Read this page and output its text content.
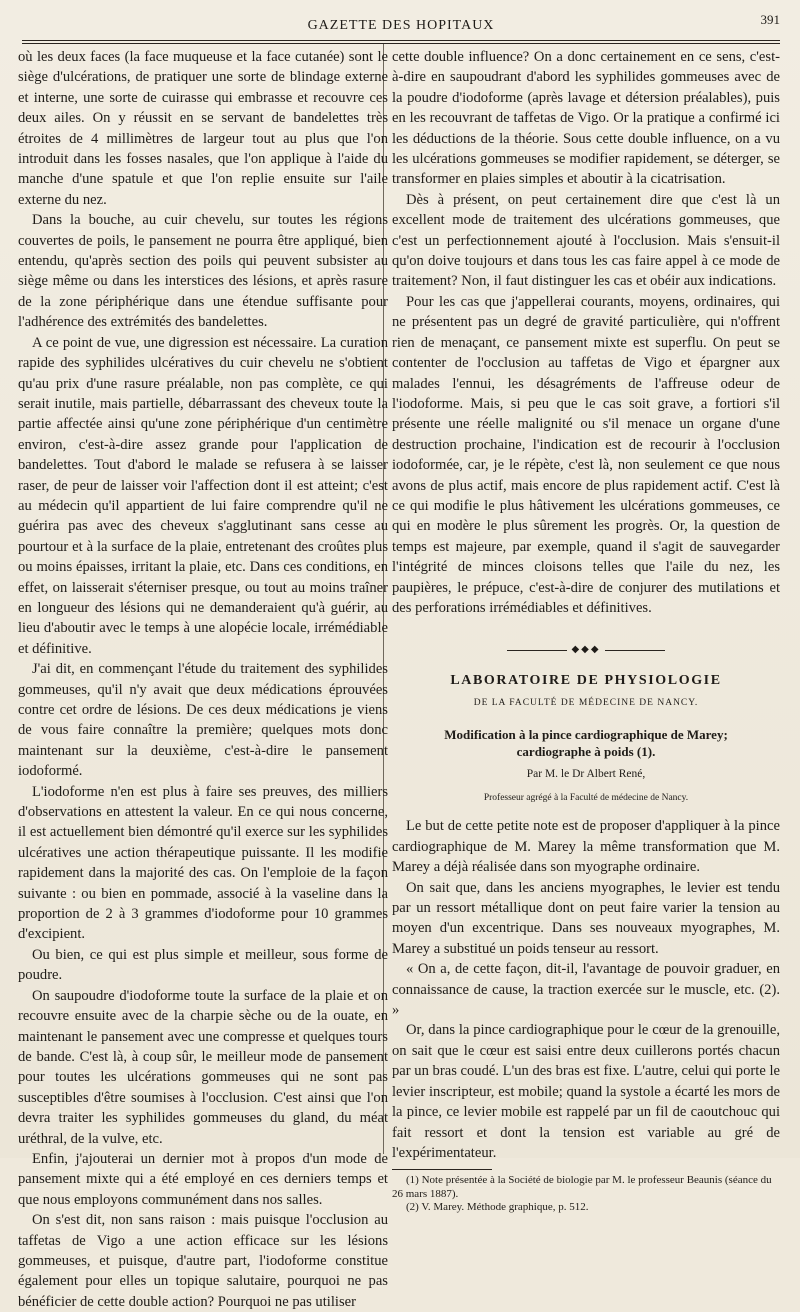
GAZETTE DES HOPITAUX	391

où les deux faces (la face muqueuse et la face cutanée) sont le siège d'ulcérations, de pratiquer une sorte de blindage externe et interne, une sorte de cuirasse qui embrasse et recouvre ces deux ailes. On y réussit en se servant de bandelettes très étroites de 4 millimètres de largeur tout au plus que l'on introduit dans les fosses nasales, que l'on applique à l'aide du manche d'une spatule et que l'on replie ensuite sur l'aile externe du nez.

Dans la bouche, au cuir chevelu, sur toutes les régions couvertes de poils, le pansement ne pourra être appliqué, bien entendu, qu'après section des poils qui peuvent subsister au siège même ou dans les interstices des lésions, et après rasure de la zone périphérique dans une étendue suffisante pour l'adhérence des extrémités des bandelettes.

A ce point de vue, une digression est nécessaire. La curation rapide des syphilides ulcératives du cuir chevelu ne s'obtient qu'au prix d'une rasure préalable, non pas complète, ce qui serait inutile, mais partielle, débarrassant des cheveux toute la partie affectée ainsi qu'une zone périphérique d'un centimètre environ, c'est-à-dire assez grande pour l'application de bandelettes. Tout d'abord le malade se refusera à se laisser raser, de peur de laisser voir l'affection dont il est atteint; c'est au médecin qu'il appartient de lui faire comprendre qu'il ne guérira pas avec des cheveux s'agglutinant sans cesse au pourtour et à la surface de la plaie, entretenant des croûtes plus ou moins épaisses, irritant la plaie, etc. Dans ces conditions, en effet, on laisserait s'éterniser presque, ou tout au moins traîner en longueur des lésions qui ne demanderaient qu'à guérir, au lieu d'aboutir avec le temps à une alopécie locale, irrémédiable et définitive.

J'ai dit, en commençant l'étude du traitement des syphilides gommeuses, qu'il n'y avait que deux médications éprouvées contre cet ordre de lésions. De ces deux médications je viens de vous faire connaître la première; quelques mots donc maintenant sur la deuxième, c'est-à-dire le pansement iodoformé.

L'iodoforme n'en est plus à faire ses preuves, des milliers d'observations en attestent la valeur. En ce qui nous concerne, il est actuellement bien démontré qu'il exerce sur les syphilides ulcératives une action thérapeutique puissante. Il les modifie rapidement dans la majorité des cas. On l'emploie de la façon suivante : ou bien en pommade, associé à la vaseline dans la proportion de 2 à 3 grammes d'iodoforme pour 10 grammes d'excipient.

Ou bien, ce qui est plus simple et meilleur, sous forme de poudre.

On saupoudre d'iodoforme toute la surface de la plaie et on recouvre ensuite avec de la charpie sèche ou de la ouate, en maintenant le pansement avec une compresse et quelques tours de bande. C'est là, à coup sûr, le meilleur mode de pansement pour toutes les ulcérations gommeuses qui ne sont pas susceptibles d'être soumises à l'occlusion. C'est ainsi que l'on devra traiter les syphilides gommeuses du gland, du méat uréthral, de la vulve, etc.

Enfin, j'ajouterai un dernier mot à propos d'un mode de pansement mixte qui a été employé en ces derniers temps et que nous employons communément dans nos salles.

On s'est dit, non sans raison : mais puisque l'occlusion au taffetas de Vigo a une action efficace sur les lésions gommeuses, et puisque, d'autre part, l'iodoforme constitue également pour elles un topique salutaire, pourquoi ne pas bénéficier de cette double action? Pourquoi ne pas utiliser

cette double influence? On a donc certainement en ce sens, c'est-à-dire en saupoudrant d'abord les syphilides gommeuses avec de la poudre d'iodoforme (après lavage et détersion préalables), puis en les recouvrant de taffetas de Vigo. Or la pratique a confirmé ici les déductions de la théorie. Sous cette double influence, on a vu les ulcérations gommeuses se modifier rapidement, se déterger, se transformer en plaies simples et aboutir à la cicatrisation.

Dès à présent, on peut certainement dire que c'est là un excellent mode de traitement des ulcérations gommeuses, que c'est un perfectionnement ajouté à l'occlusion. Mais s'ensuit-il qu'on doive toujours et dans tous les cas faire appel à ce mode de traitement? Non, il faut distinguer les cas et obéir aux indications.

Pour les cas que j'appellerai courants, moyens, ordinaires, qui ne présentent pas un degré de gravité particulière, qui n'offrent rien de menaçant, ce pansement mixte est superflu. On peut se contenter de l'occlusion au taffetas de Vigo et épargner aux malades l'ennui, les désagréments de l'affreuse odeur de l'iodoforme. Mais, si peu que le cas soit grave, a fortiori s'il présente une réelle malignité ou s'il menace un organe d'une destruction prochaine, l'indication est de recourir à l'occlusion iodoformée, car, je le répète, c'est là, non seulement ce que nous avons de plus actif, mais encore de plus rapidement actif. C'est là ce qui modifie le plus hâtivement les ulcérations gommeuses, ce qui en modère le plus sûrement les progrès. Or, la question de temps est majeure, par exemple, quand il s'agit de sauvegarder l'intégrité de minces cloisons telles que l'aile du nez, les paupières, le prépuce, c'est-à-dire de conjurer des mutilations et des perforations irrémédiables et définitives.

◆◆◆
LABORATOIRE DE PHYSIOLOGIE
DE LA FACULTÉ DE MÉDECINE DE NANCY.
Modification à la pince cardiographique de Marey; cardiographe à poids (1).
Par M. le Dr Albert René,
Professeur agrégé à la Faculté de médecine de Nancy.

Le but de cette petite note est de proposer d'appliquer à la pince cardiographique de M. Marey la même transformation que M. Marey a déjà réalisée dans son myographe ordinaire.

On sait que, dans les anciens myographes, le levier est tendu par un ressort métallique dont on peut faire varier la tension au moyen d'un excentrique. Dans ses nouveaux myographes, M. Marey a substitué un poids tenseur au ressort.

« On a, de cette façon, dit-il, l'avantage de pouvoir graduer, en connaissance de cause, la traction exercée sur le muscle, etc. (2). »

Or, dans la pince cardiographique pour le cœur de la grenouille, on sait que le cœur est saisi entre deux cuillerons portés chacun par un bras coudé. L'un des bras est fixe. L'autre, celui qui porte le levier inscripteur, est mobile; quand la systole a écarté les mors de la pince, ce levier mobile est rappelé par un fil de caoutchouc qui fait ressort et dont la tension est variable au gré de l'expérimentateur.

(1) Note présentée à la Société de biologie par M. le professeur Beaunis (séance du 26 mars 1887).

(2) V. Marey. Méthode graphique, p. 512.
